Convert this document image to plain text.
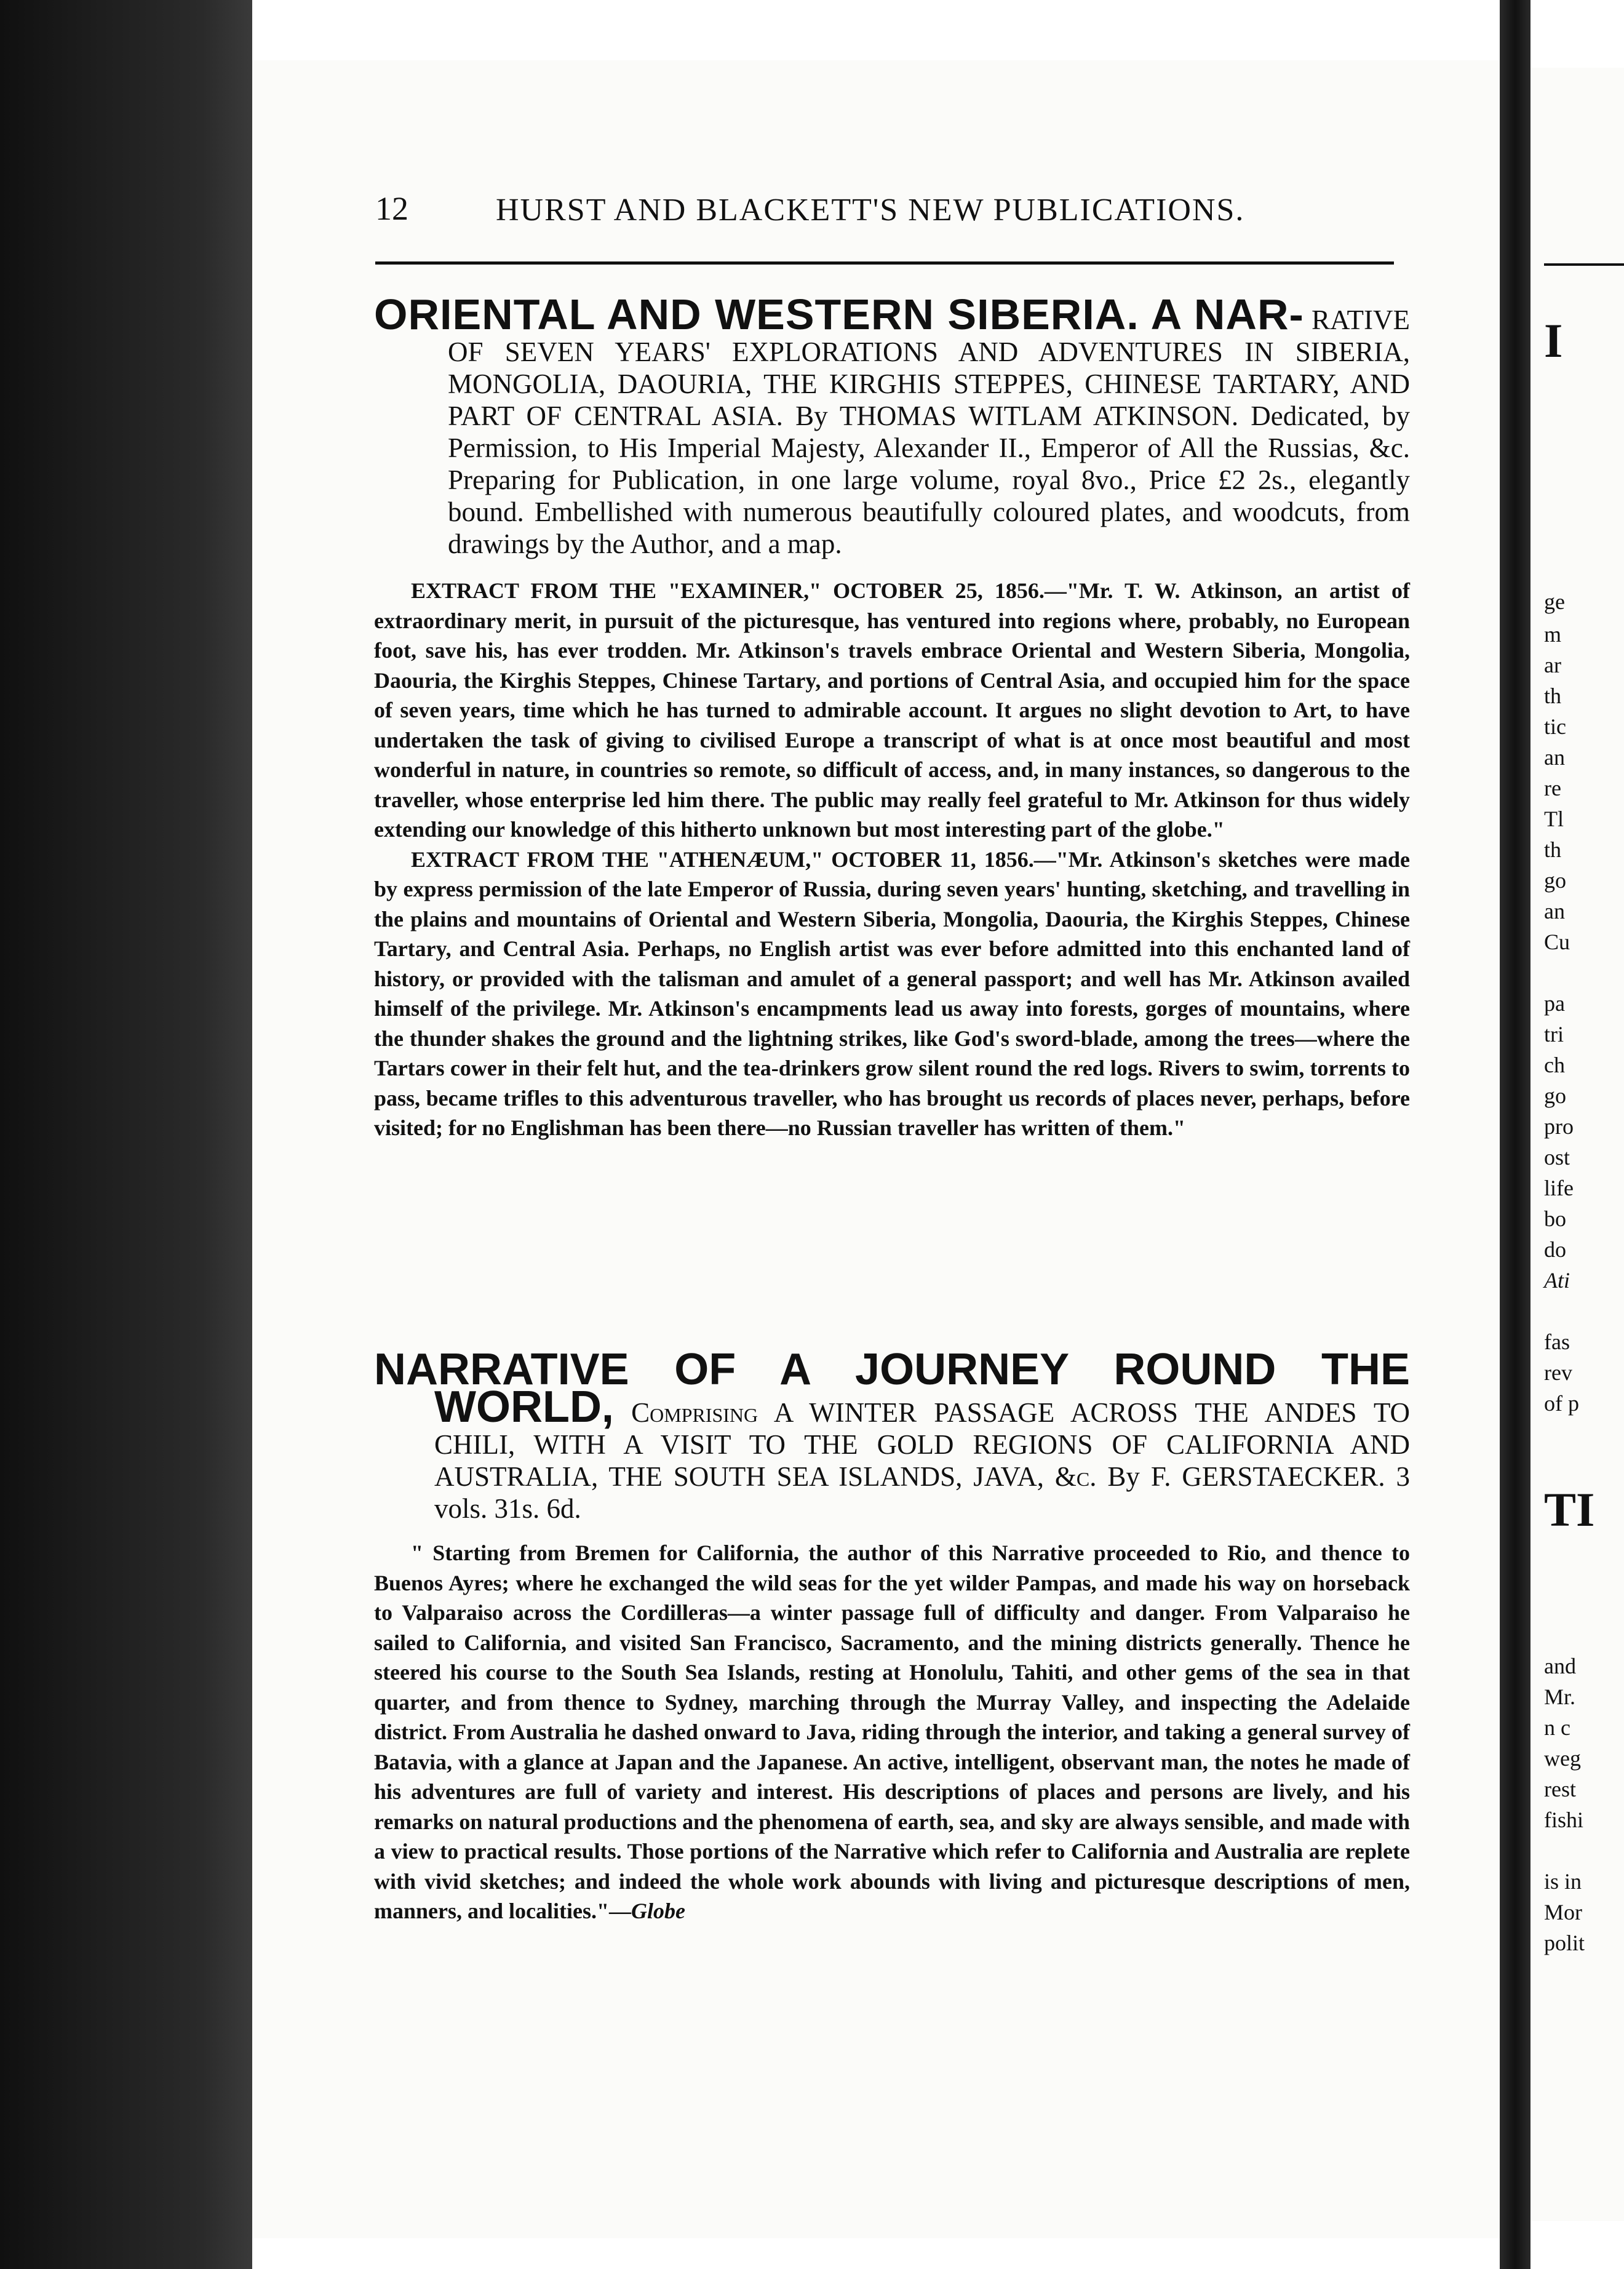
12	HURST AND BLACKETT'S NEW PUBLICATIONS.

ORIENTAL AND WESTERN SIBERIA. A NAR- RATIVE OF SEVEN YEARS' EXPLORATIONS AND ADVENTURES IN SIBERIA, MONGOLIA, DAOURIA, THE KIRGHIS STEPPES, CHINESE TARTARY, AND PART OF CENTRAL ASIA. By THOMAS WITLAM ATKINSON. Dedicated, by Permission, to His Imperial Majesty, Alexander II., Emperor of All the Russias, &c. Preparing for Publication, in one large volume, royal 8vo., Price £2 2s., elegantly bound. Embellished with numerous beautifully coloured plates, and woodcuts, from drawings by the Author, and a map.

EXTRACT FROM THE "EXAMINER," OCTOBER 25, 1856.—"Mr. T. W. Atkinson, an artist of extraordinary merit, in pursuit of the picturesque, has ventured into regions where, probably, no European foot, save his, has ever trodden. Mr. Atkinson's travels embrace Oriental and Western Siberia, Mongolia, Daouria, the Kirghis Steppes, Chinese Tartary, and portions of Central Asia, and occupied him for the space of seven years, time which he has turned to admirable account. It argues no slight devotion to Art, to have undertaken the task of giving to civilised Europe a transcript of what is at once most beautiful and most wonderful in nature, in countries so remote, so difficult of access, and, in many instances, so dangerous to the traveller, whose enterprise led him there. The public may really feel grateful to Mr. Atkinson for thus widely extending our knowledge of this hitherto unknown but most interesting part of the globe."

EXTRACT FROM THE "ATHENÆUM," OCTOBER 11, 1856.—"Mr. Atkinson's sketches were made by express permission of the late Emperor of Russia, during seven years' hunting, sketching, and travelling in the plains and mountains of Oriental and Western Siberia, Mongolia, Daouria, the Kirghis Steppes, Chinese Tartary, and Central Asia. Perhaps, no English artist was ever before admitted into this enchanted land of history, or provided with the talisman and amulet of a general passport; and well has Mr. Atkinson availed himself of the privilege. Mr. Atkinson's encampments lead us away into forests, gorges of mountains, where the thunder shakes the ground and the lightning strikes, like God's sword-blade, among the trees—where the Tartars cower in their felt hut, and the tea-drinkers grow silent round the red logs. Rivers to swim, torrents to pass, became trifles to this adventurous traveller, who has brought us records of places never, perhaps, before visited; for no Englishman has been there—no Russian traveller has written of them."

NARRATIVE OF A JOURNEY ROUND THE WORLD, Comprising A WINTER PASSAGE ACROSS THE ANDES TO CHILI, WITH A VISIT TO THE GOLD REGIONS OF CALIFORNIA AND AUSTRALIA, THE SOUTH SEA ISLANDS, JAVA, &c. By F. GERSTAECKER. 3 vols. 31s. 6d.

" Starting from Bremen for California, the author of this Narrative proceeded to Rio, and thence to Buenos Ayres; where he exchanged the wild seas for the yet wilder Pampas, and made his way on horseback to Valparaiso across the Cordilleras—a winter passage full of difficulty and danger. From Valparaiso he sailed to California, and visited San Francisco, Sacramento, and the mining districts generally. Thence he steered his course to the South Sea Islands, resting at Honolulu, Tahiti, and other gems of the sea in that quarter, and from thence to Sydney, marching through the Murray Valley, and inspecting the Adelaide district. From Australia he dashed onward to Java, riding through the interior, and taking a general survey of Batavia, with a glance at Japan and the Japanese. An active, intelligent, observant man, the notes he made of his adventures are full of variety and interest. His descriptions of places and persons are lively, and his remarks on natural productions and the phenomena of earth, sea, and sky are always sensible, and made with a view to practical results. Those portions of the Narrative which refer to California and Australia are replete with vivid sketches; and indeed the whole work abounds with living and picturesque descriptions of men, manners, and localities."—Globe

I
ge
m
ar
th
tic
an
re
Tl
th
go
an
Cu
pa
tri
ch
go
pro
ost
life
bo
do
Ati
fas
rev
of p
TI
and
Mr.
n c
weg
rest
fishi
is in
Mor
polit
